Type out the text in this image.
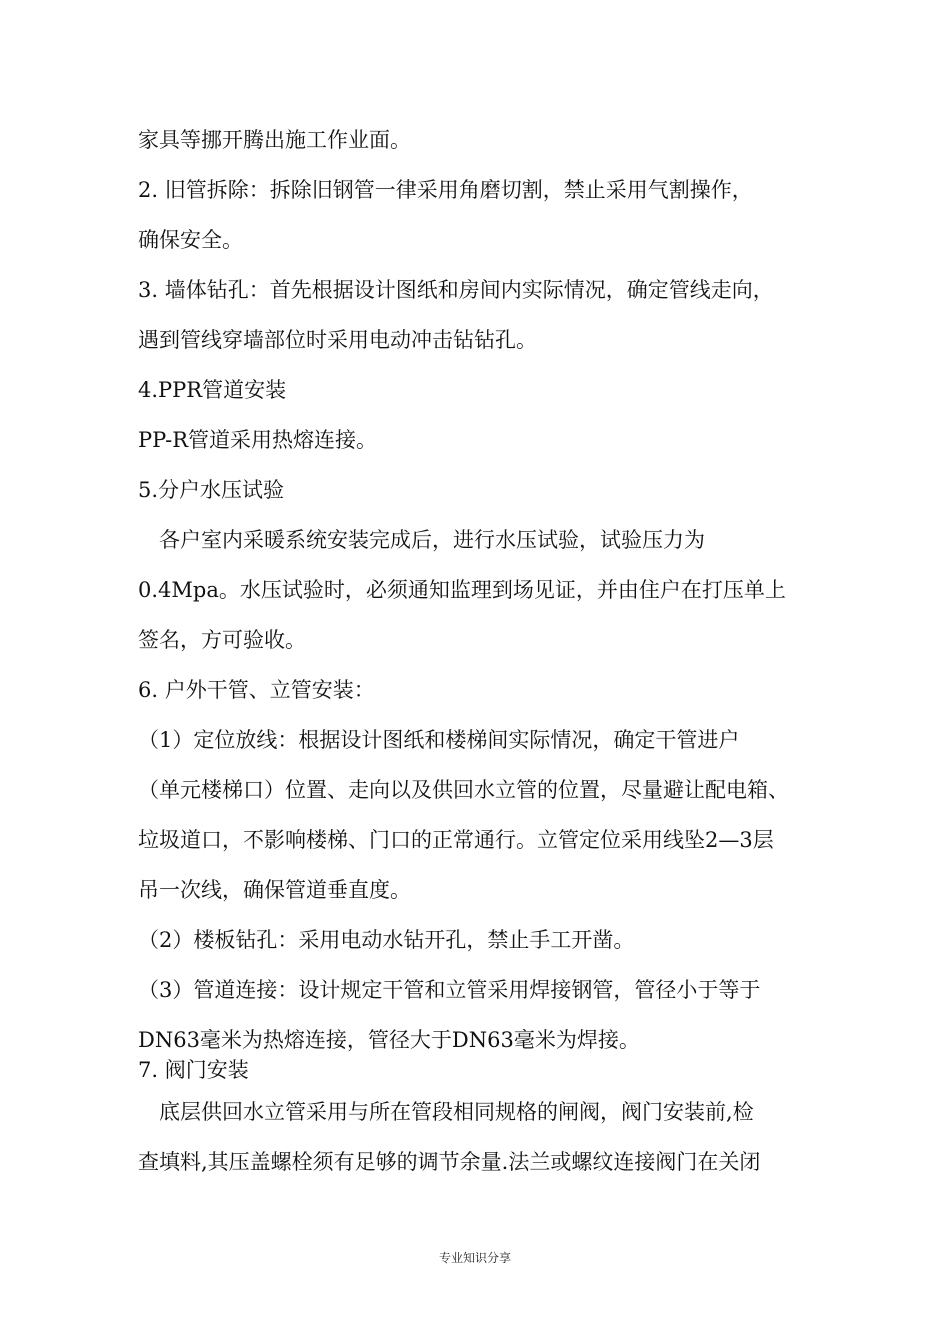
家具等挪开腾出施工作业面。
2. 旧管拆除：拆除旧钢管一律采用角磨切割，禁止采用气割操作，
确保安全。
3. 墙体钻孔：首先根据设计图纸和房间内实际情况，确定管线走向，
遇到管线穿墙部位时采用电动冲击钻钻孔。
4.PPR管道安装
PP-R管道采用热熔连接。
5.分户水压试验
　各户室内采暖系统安装完成后，进行水压试验，试验压力为
0.4Mpa。水压试验时，必须通知监理到场见证，并由住户在打压单上
签名，方可验收。
6. 户外干管、立管安装：
（1）定位放线：根据设计图纸和楼梯间实际情况，确定干管进户
（单元楼梯口）位置、走向以及供回水立管的位置，尽量避让配电箱、
垃圾道口，不影响楼梯、门口的正常通行。立管定位采用线坠2—3层
吊一次线，确保管道垂直度。
（2）楼板钻孔：采用电动水钻开孔，禁止手工开凿。
（3）管道连接：设计规定干管和立管采用焊接钢管，管径小于等于
DN63毫米为热熔连接，管径大于DN63毫米为焊接。
7. 阀门安装
　底层供回水立管采用与所在管段相同规格的闸阀，阀门安装前,检
查填料,其压盖螺栓须有足够的调节余量.法兰或螺纹连接阀门在关闭
专业知识分享
